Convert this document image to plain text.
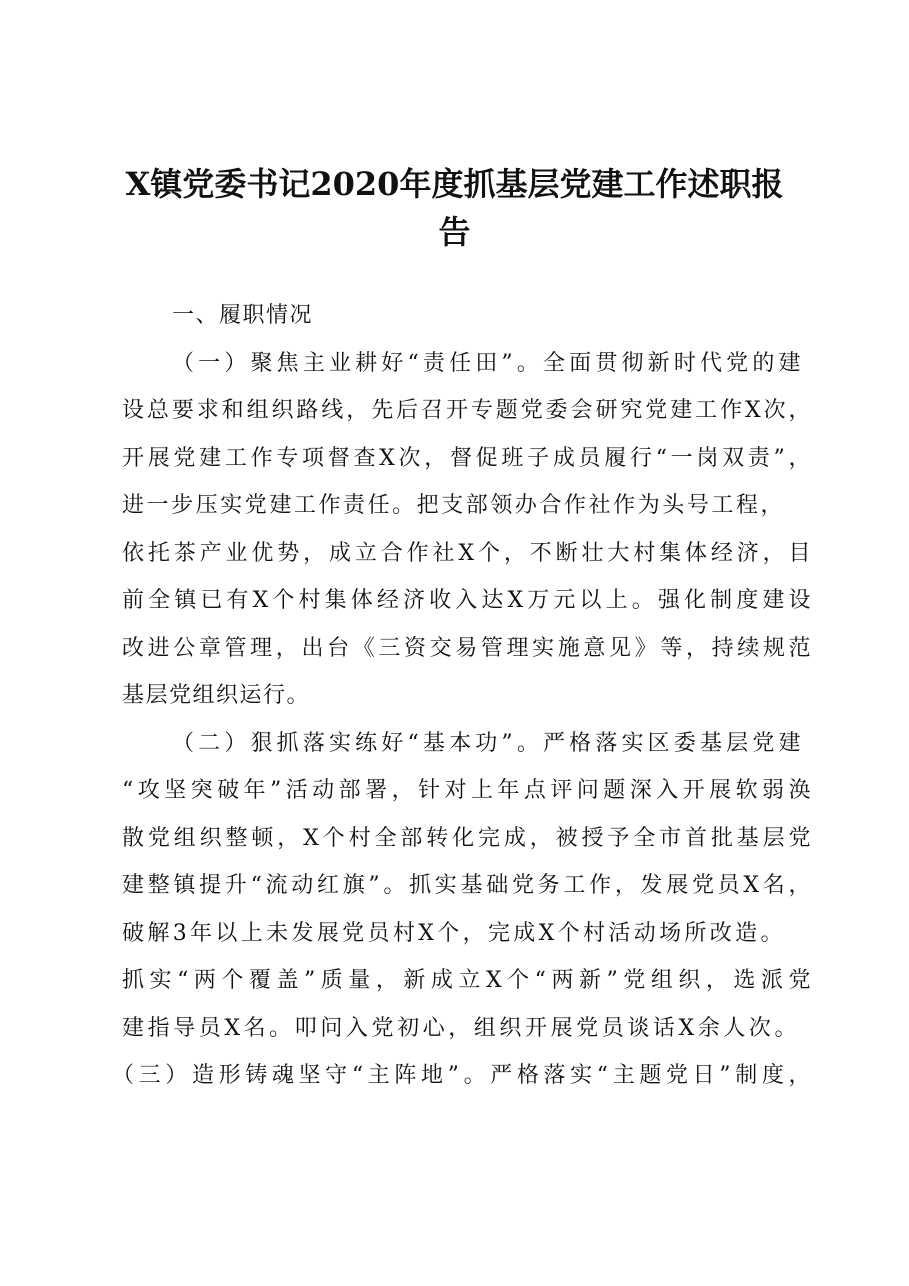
X镇党委书记2020年度抓基层党建工作述职报
告
一、履职情况
（一）聚焦主业耕好“责任田”。全面贯彻新时代党的建
设总要求和组织路线，先后召开专题党委会研究党建工作X次，
开展党建工作专项督查X次，督促班子成员履行“一岗双责”，
进一步压实党建工作责任。把支部领办合作社作为头号工程，
依托茶产业优势，成立合作社X个，不断壮大村集体经济，目
前全镇已有X个村集体经济收入达X万元以上。强化制度建设
改进公章管理，出台《三资交易管理实施意见》等，持续规范
基层党组织运行。
（二）狠抓落实练好“基本功”。严格落实区委基层党建
“攻坚突破年”活动部署，针对上年点评问题深入开展软弱涣
散党组织整顿，X个村全部转化完成，被授予全市首批基层党
建整镇提升“流动红旗”。抓实基础党务工作，发展党员X名，
破解3年以上未发展党员村X个，完成X个村活动场所改造。
抓实“两个覆盖”质量，新成立X个“两新”党组织，选派党
建指导员X名。叩问入党初心，组织开展党员谈话X余人次。
（三）造形铸魂坚守“主阵地”。严格落实“主题党日”制度，
